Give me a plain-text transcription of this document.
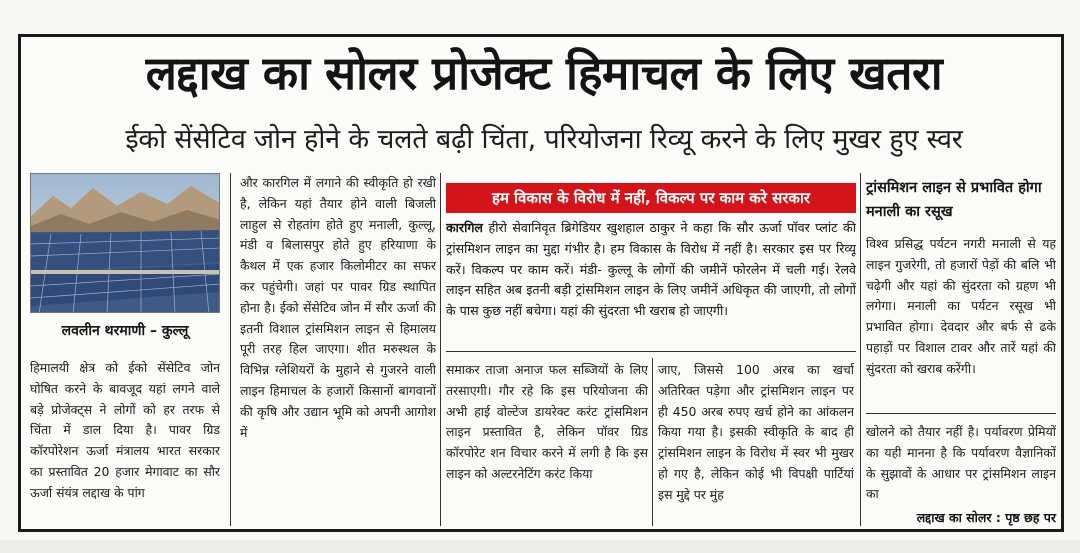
लद्दाख का सोलर प्रोजेक्ट हिमाचल के लिए खतरा
ईको सेंसेटिव जोन होने के चलते बढ़ी चिंता, परियोजना रिव्यू करने के लिए मुखर हुए स्वर
लवलीन थरमाणी – कुल्लू

हिमालयी क्षेत्र को ईको सेंसेटिव जोन घोषित करने के बावजूद यहां लगने वाले बड़े प्रोजेक्ट्स ने लोगों को हर तरफ से चिंता में डाल दिया है। पावर ग्रिड कॉरपोरेशन ऊर्जा मंत्रालय भारत सरकार का प्रस्तावित 20 हजार मेगावाट का सौर ऊर्जा संयंत्र लद्दाख के पांग

और कारगिल में लगाने की स्वीकृति हो रखी है, लेकिन यहां तैयार होने वाली बिजली लाहुल से रोहतांग होते हुए मनाली, कुल्लू, मंडी व बिलासपुर होते हुए हरियाणा के कैथल में एक हजार किलोमीटर का सफर कर पहुंचेगी। जहां पर पावर ग्रिड स्थापित होना है। ईको सेंसेटिव जोन में सौर ऊर्जा की इतनी विशाल ट्रांसमिशन लाइन से हिमालय पूरी तरह हिल जाएगा। शीत मरुस्थल के विभिन्न ग्लेशियरों के मुहाने से गुजरने वाली लाइन हिमाचल के हजारों किसानों बागवानों की कृषि और उद्यान भूमि को अपनी आगोश में

हम विकास के विरोध में नहीं, विकल्प पर काम करे सरकार
कारगिल हीरो सेवानिवृत ब्रिगेडियर खुशहाल ठाकुर ने कहा कि सौर ऊर्जा पॉवर प्लांट की ट्रांसमिशन लाइन का मुद्दा गंभीर है। हम विकास के विरोध में नहीं है। सरकार इस पर रिव्यू करें। विकल्प पर काम करें। मंडी- कुल्लू के लोगों की जमीनें फोरलेन में चली गई। रेलवे लाइन सहित अब इतनी बड़ी ट्रांसमिशन लाइन के लिए जमीनें अधिकृत की जाएगी, तो लोगों के पास कुछ नहीं बचेगा। यहां की सुंदरता भी खराब हो जाएगी।

समाकर ताजा अनाज फल सब्जियों के लिए तरसाएगी। गौर रहे कि इस परियोजना की अभी हाई वोल्टेज डायरेक्ट करंट ट्रांसमिशन लाइन प्रस्तावित है, लेकिन पॉवर ग्रिड कॉरपोरेट शन विचार करने में लगी है कि इस लाइन को अल्टरनेटिंग करंट किया

जाए, जिससे 100 अरब का खर्चा अतिरिक्त पड़ेगा और ट्रांसमिशन लाइन पर ही 450 अरब रुपए खर्च होने का आंकलन किया गया है। इसकी स्वीकृति के बाद ही ट्रांसमिशन लाइन के विरोध में स्वर भी मुखर हो गए है, लेकिन कोई भी विपक्षी पार्टियां इस मुद्दे पर मुंह

ट्रांसमिशन लाइन से प्रभावित होगा मनाली का रसूख

विश्व प्रसिद्ध पर्यटन नगरी मनाली से यह लाइन गुजरेगी, तो हजारों पेड़ों की बलि भी चढ़ेगी और यहां की सुंदरता को ग्रहण भी लगेगा। मनाली का पर्यटन रसूख भी प्रभावित होगा। देवदार और बर्फ से ढके पहाड़ों पर विशाल टावर और तारें यहां की सुंदरता को खराब करेंगी।

खोलने को तैयार नहीं है। पर्यावरण प्रेमियों का यही मानना है कि पर्यावरण वैज्ञानिकों के सुझावों के आधार पर ट्रांसमिशन लाइन का

लद्दाख का सोलर : पृष्ठ छह पर
